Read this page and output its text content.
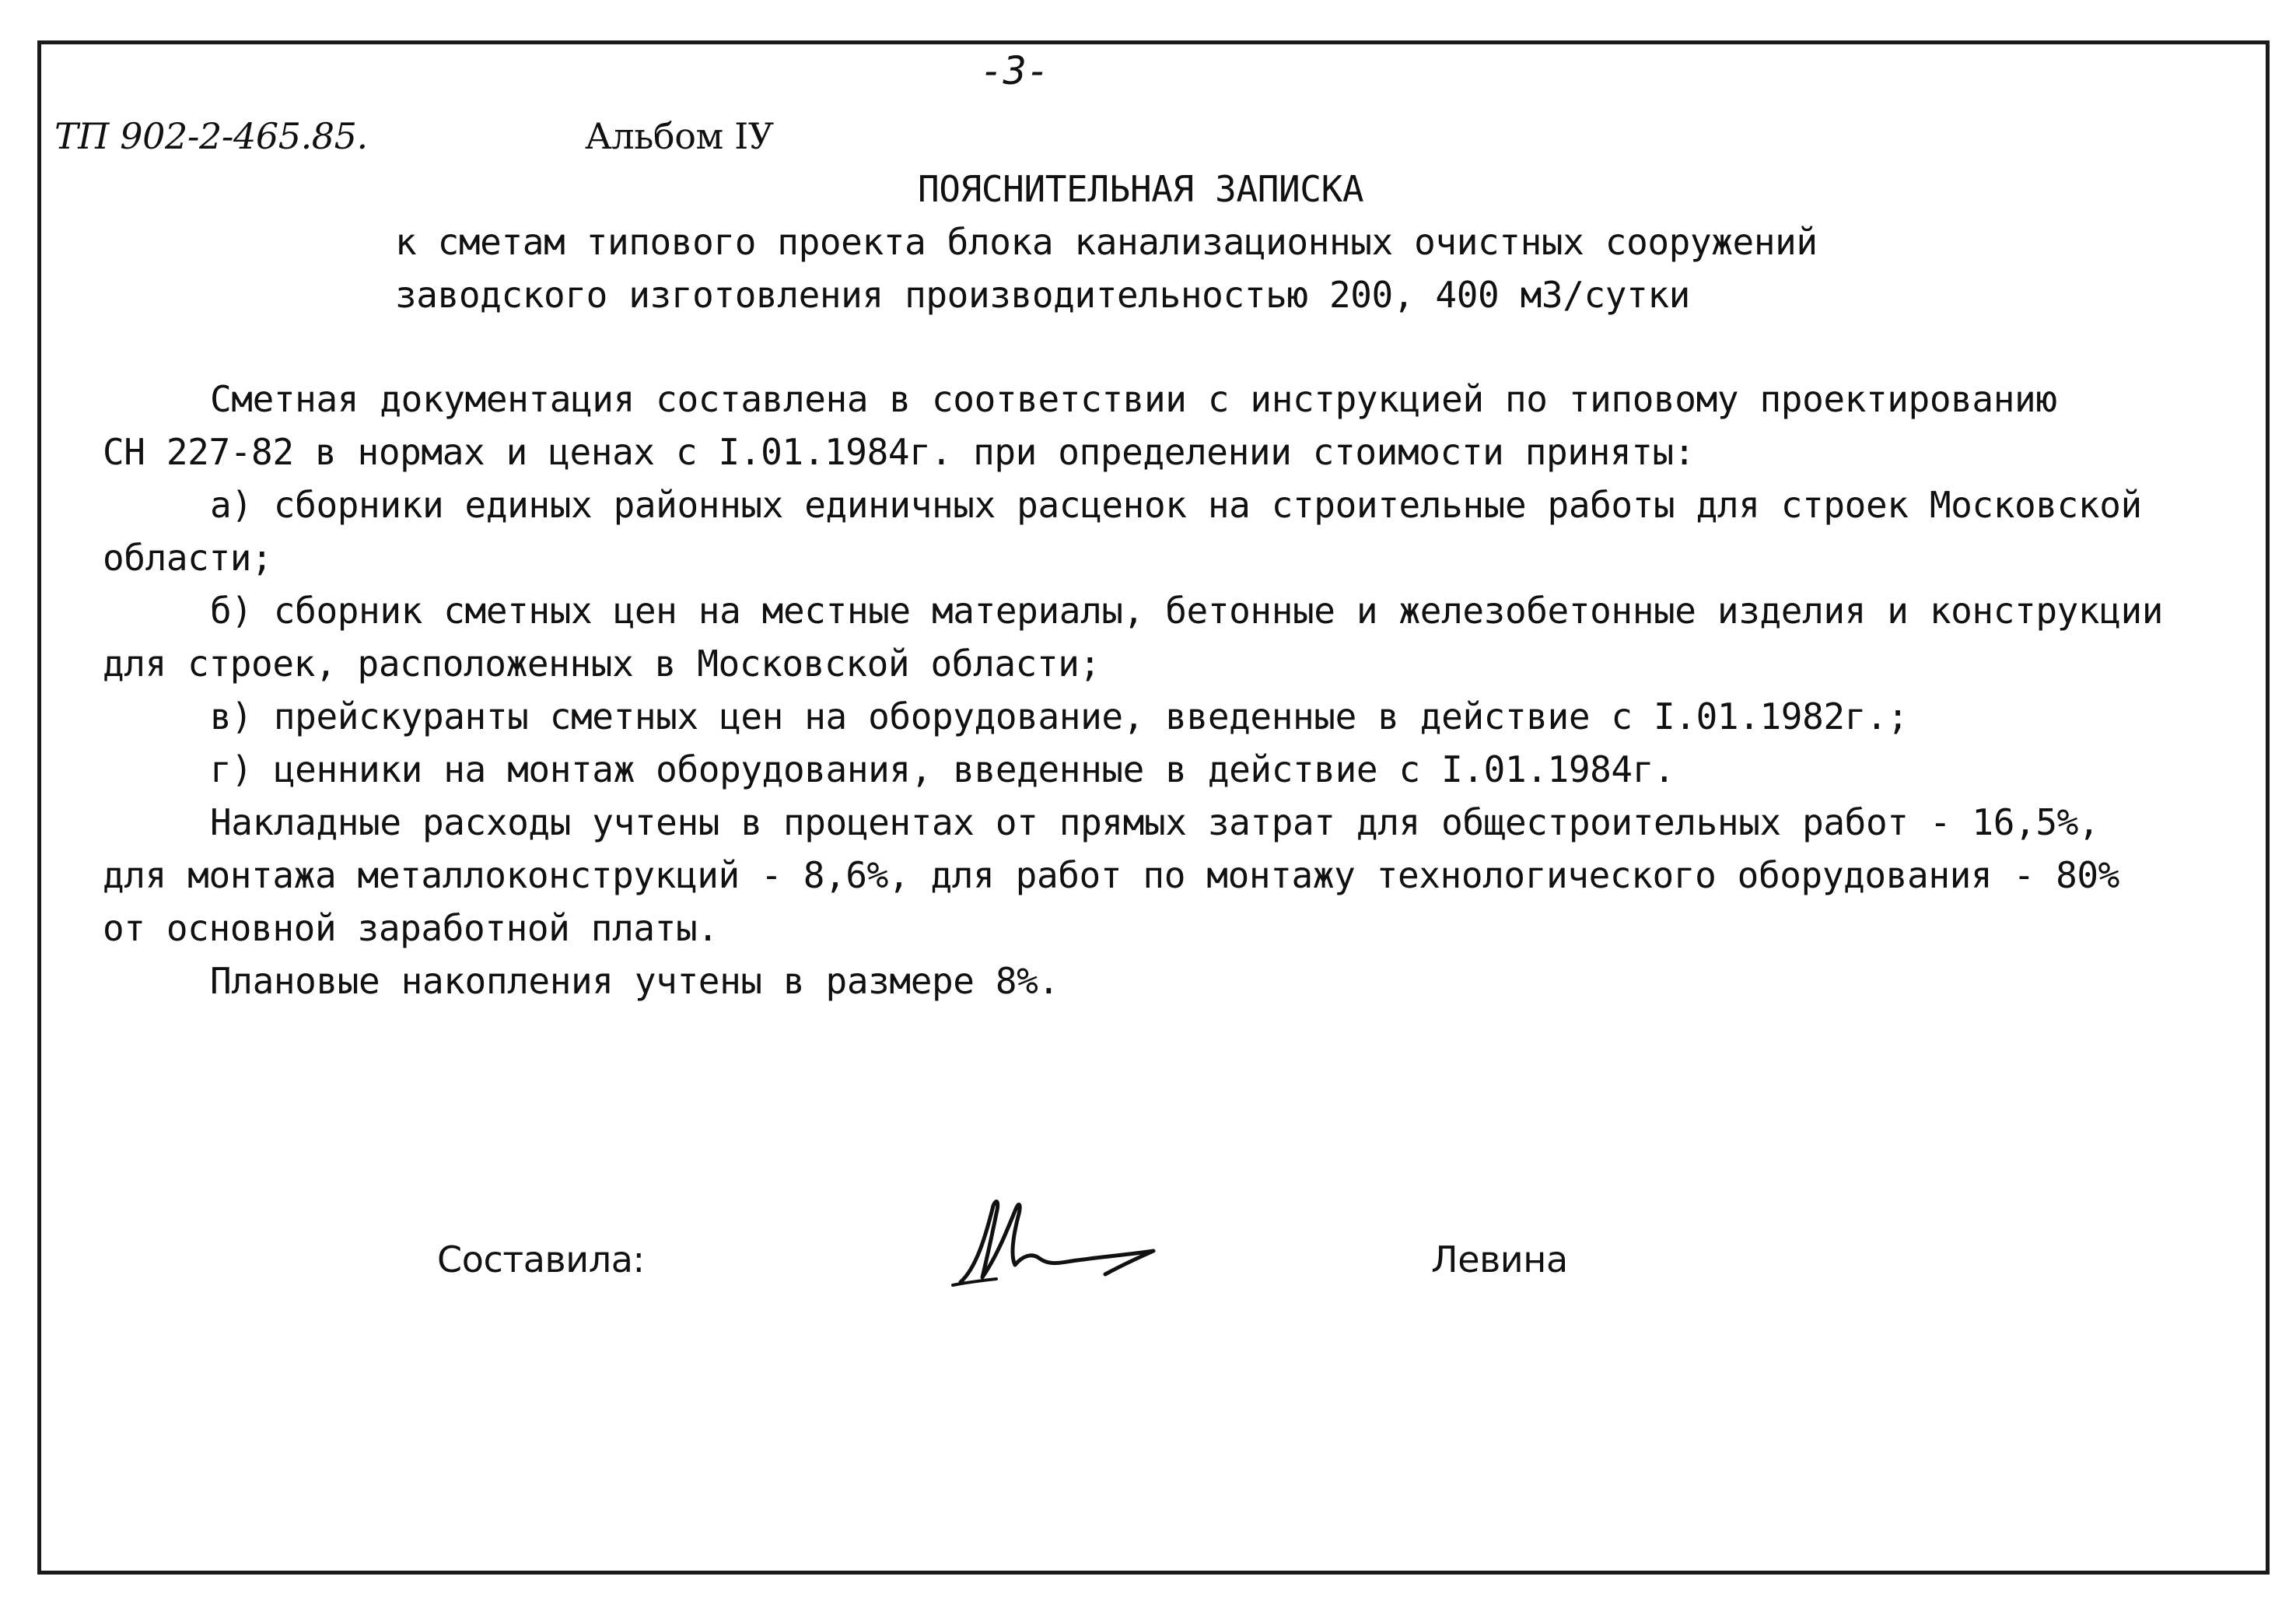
-3-
ТП 902-2-465.85.	Альбом IУ
ПОЯСНИТЕЛЬНАЯ ЗАПИСКА
к сметам типового проекта блока канализационных очистных сооружений
заводского изготовления производительностью 200, 400 м3/сутки
Сметная документация составлена в соответствии с инструкцией по типовому проектированию
СН 227-82 в нормах и ценах с I.01.1984г. при определении стоимости приняты:
а) сборники единых районных единичных расценок на строительные работы для строек Московской
области;
б) сборник сметных цен на местные материалы, бетонные и железобетонные изделия и конструкции
для строек, расположенных в Московской области;
в) прейскуранты сметных цен на оборудование, введенные в действие с I.01.1982г.;
г) ценники на монтаж оборудования, введенные в действие с I.01.1984г.
Накладные расходы учтены в процентах от прямых затрат для общестроительных работ - 16,5%,
для монтажа металлоконструкций - 8,6%, для работ по монтажу технологического оборудования - 80%
от основной заработной платы.
Плановые накопления учтены в размере 8%.
Составила:	Левина
